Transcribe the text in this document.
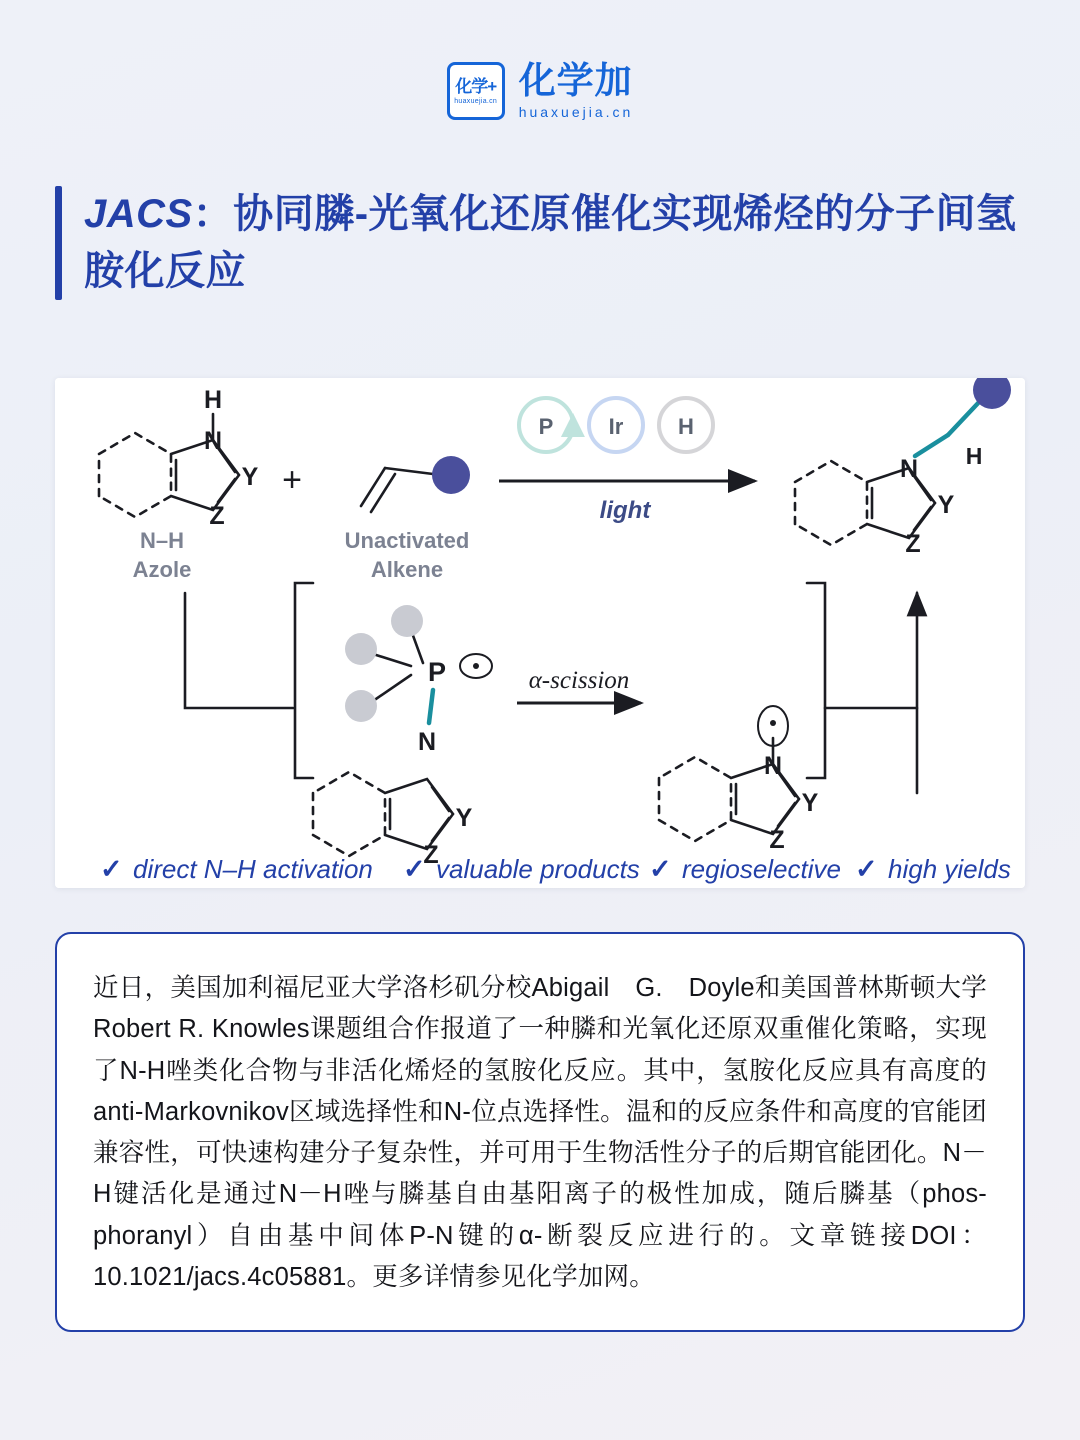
化学+
huaxuejia.cn 化学加
huaxuejia.cn
JACS：协同膦-光氧化还原催化实现烯烃的分子间氢胺化反应
H
N
Y
Z
N–H
Azole
+
Unactivated
Alkene
P	Ir H
light
N
Y
Z
H
P
N
Y
Z
α-scission
N
Y
Z
✓ direct N–H activation ✓ valuable products ✓ regioselective ✓ high yields
近日，美国加利福尼亚大学洛杉矶分校Abigail　G.　Doyle和美国普林斯顿大学Robert R. Knowles课题组合作报道了一种膦和光氧化还原双重催化策略，实现了N-H唑类化合物与非活化烯烃的氢胺化反应。其中，氢胺化反应具有高度的anti-Markovnikov区域选择性和N-位点选择性。温和的反应条件和高度的官能团兼容性，可快速构建分子复杂性，并可用于生物活性分子的后期官能团化。N－H键活化是通过N－H唑与膦基自由基阳离子的极性加成，随后膦基（phos-phoranyl）自由基中间体P-N键的α-断裂反应进行的。文章链接DOI：10.1021/jacs.4c05881。更多详情参见化学加网。
